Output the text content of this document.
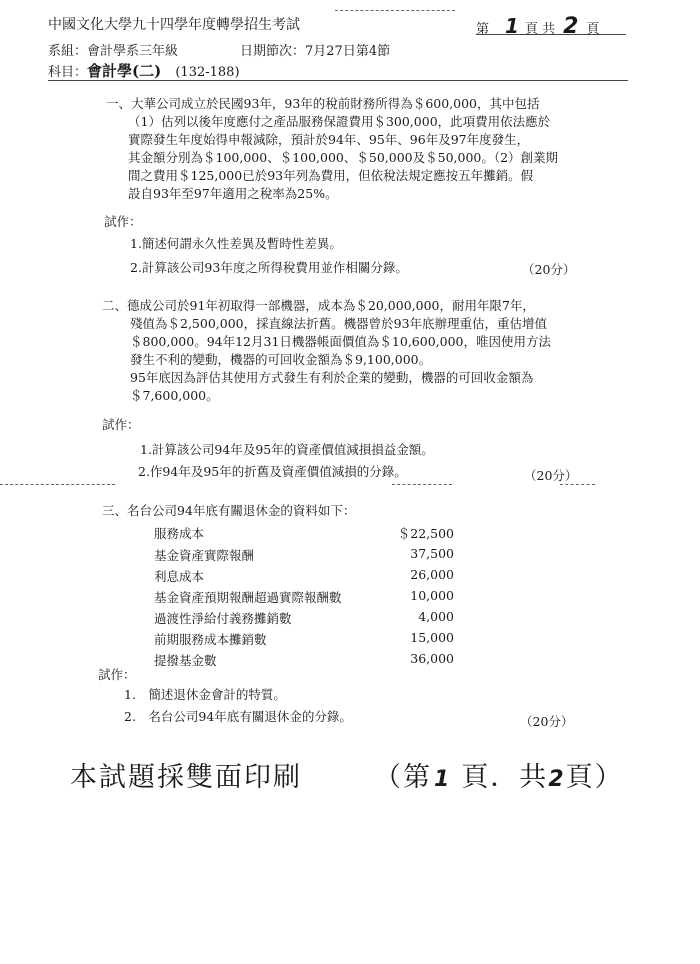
中國文化大學九十四學年度轉學招生考試	第 1 頁 共 2 頁
系組：會計學系三年級	日期節次：7月27日第4節
科目：會計學(二) (132-188)
一、大華公司成立於民國93年，93年的稅前財務所得為＄600,000，其中包括
（1）估列以後年度應付之產品服務保證費用＄300,000，此項費用依法應於
實際發生年度始得申報減除，預計於94年、95年、96年及97年度發生，
其金額分別為＄100,000、＄100,000、＄50,000及＄50,000。（2）創業期
間之費用＄125,000已於93年列為費用，但依稅法規定應按五年攤銷。假
設自93年至97年適用之稅率為25%。
試作：
1.簡述何謂永久性差異及暫時性差異。
2.計算該公司93年度之所得稅費用並作相關分錄。	（20分）
二、德成公司於91年初取得一部機器，成本為＄20,000,000，耐用年限7年，
殘值為＄2,500,000，採直線法折舊。機器曾於93年底辦理重估，重估增值
＄800,000。94年12月31日機器帳面價值為＄10,600,000，唯因使用方法
發生不利的變動，機器的可回收金額為＄9,100,000。
95年底因為評估其使用方式發生有利於企業的變動，機器的可回收金額為
＄7,600,000。
試作：
1.計算該公司94年及95年的資產價值減損損益金額。
2.作94年及95年的折舊及資產價值減損的分錄。	（20分）
三、名台公司94年底有關退休金的資料如下：
服務成本	＄22,500
基金資產實際報酬	37,500
利息成本	26,000
基金資產預期報酬超過實際報酬數	10,000
過渡性淨給付義務攤銷數	4,000
前期服務成本攤銷數	15,000
提撥基金數	36,000
試作：
1.　簡述退休金會計的特質。
2.　名台公司94年底有關退休金的分錄。	（20分）
本試題採雙面印刷	（第1 頁．共2頁）
